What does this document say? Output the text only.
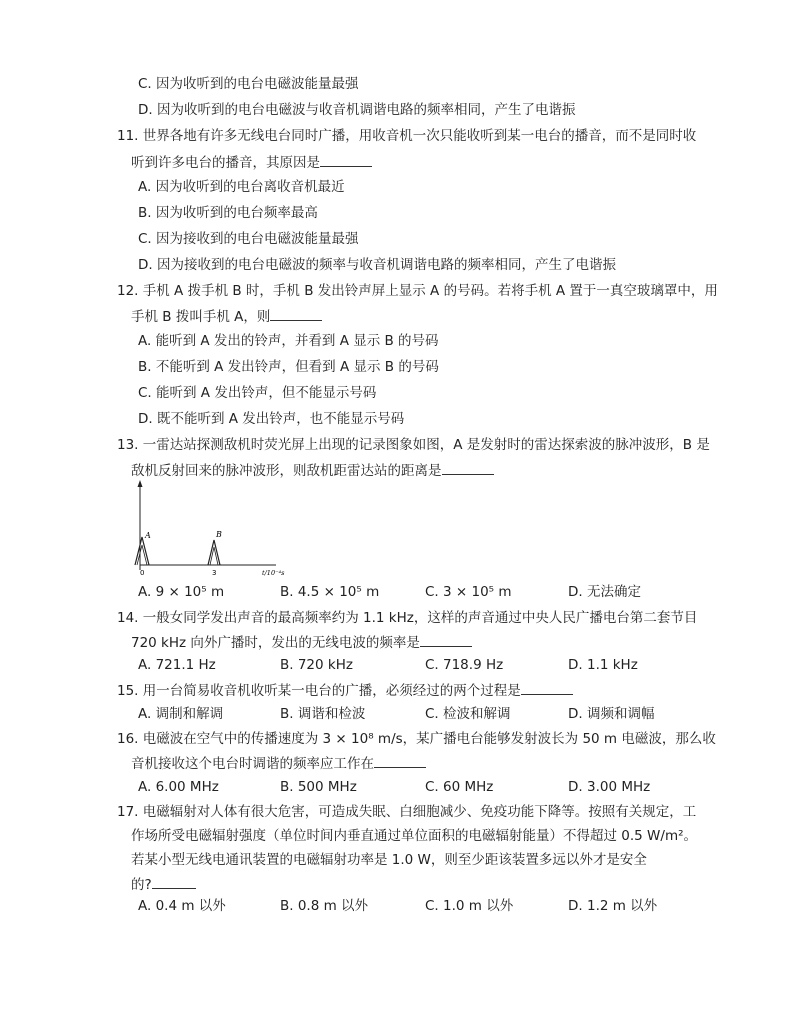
C. 因为收听到的电台电磁波能量最强
D. 因为收听到的电台电磁波与收音机调谐电路的频率相同，产生了电谐振
11. 世界各地有许多无线电台同时广播，用收音机一次只能收听到某一电台的播音，而不是同时收
听到许多电台的播音，其原因是
A. 因为收听到的电台离收音机最近
B. 因为收听到的电台频率最高
C. 因为接收到的电台电磁波能量最强
D. 因为接收到的电台电磁波的频率与收音机调谐电路的频率相同，产生了电谐振
12. 手机 A 拨手机 B 时，手机 B 发出铃声屏上显示 A 的号码。若将手机 A 置于一真空玻璃罩中，用
手机 B 拨叫手机 A，则
A. 能听到 A 发出的铃声，并看到 A 显示 B 的号码
B. 不能听到 A 发出铃声，但看到 A 显示 B 的号码
C. 能听到 A 发出铃声，但不能显示号码
D. 既不能听到 A 发出铃声，也不能显示号码
13. 一雷达站探测敌机时荧光屏上出现的记录图象如图，A 是发射时的雷达探索波的脉冲波形，B 是
敌机反射回来的脉冲波形，则敌机距雷达站的距离是
A	B
0	3	t/10⁻⁴s
A. 9 × 10⁵ m	B. 4.5 × 10⁵ m	C. 3 × 10⁵ m	D. 无法确定
14. 一般女同学发出声音的最高频率约为 1.1 kHz，这样的声音通过中央人民广播电台第二套节目
720 kHz 向外广播时，发出的无线电波的频率是
A. 721.1 Hz	B. 720 kHz	C. 718.9 Hz	D. 1.1 kHz
15. 用一台简易收音机收听某一电台的广播，必须经过的两个过程是
A. 调制和解调	B. 调谐和检波	C. 检波和解调	D. 调频和调幅
16. 电磁波在空气中的传播速度为 3 × 10⁸ m/s，某广播电台能够发射波长为 50 m 电磁波，那么收
音机接收这个电台时调谐的频率应工作在
A. 6.00 MHz	B. 500 MHz	C. 60 MHz	D. 3.00 MHz
17. 电磁辐射对人体有很大危害，可造成失眠、白细胞减少、免疫功能下降等。按照有关规定，工
作场所受电磁辐射强度（单位时间内垂直通过单位面积的电磁辐射能量）不得超过 0.5 W/m²。
若某小型无线电通讯装置的电磁辐射功率是 1.0 W，则至少距该装置多远以外才是安全
的?
A. 0.4 m 以外	B. 0.8 m 以外	C. 1.0 m 以外	D. 1.2 m 以外
